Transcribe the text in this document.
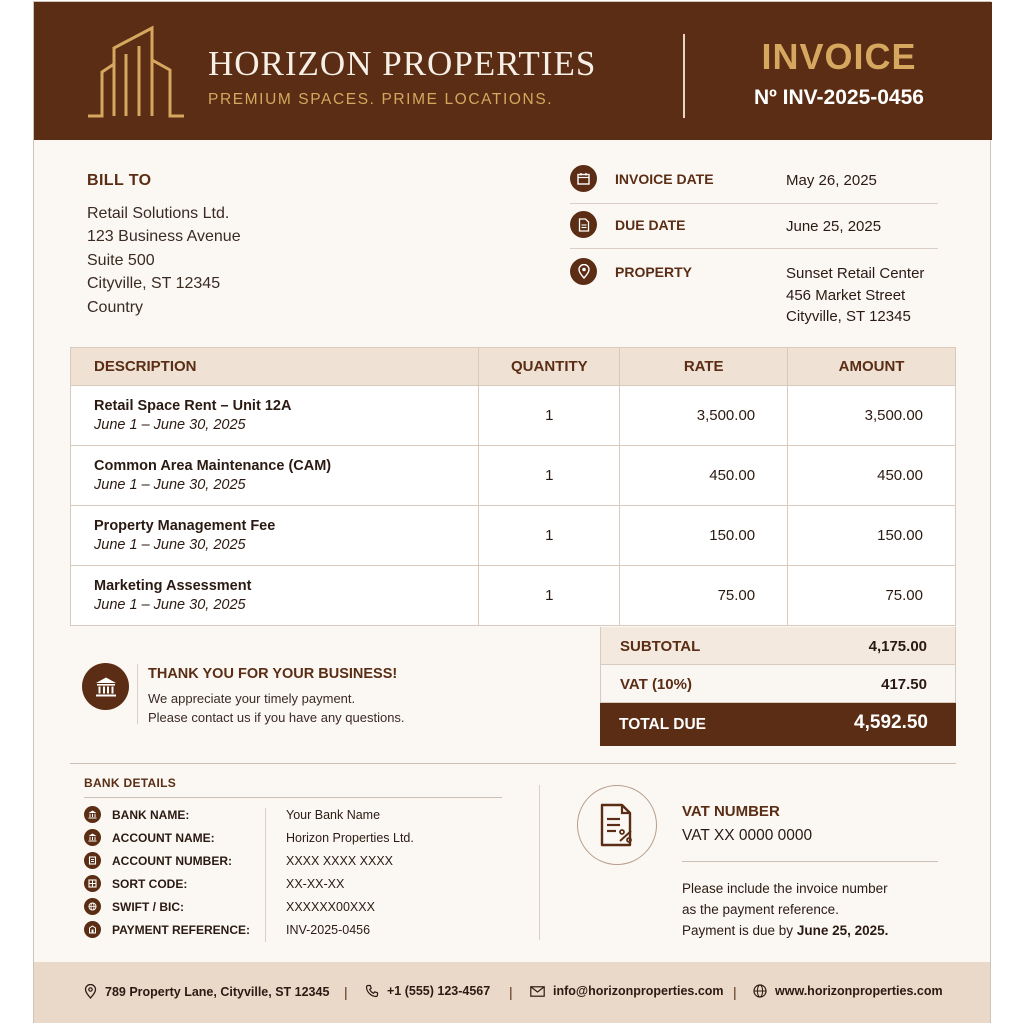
HORIZON PROPERTIES
PREMIUM SPACES. PRIME LOCATIONS.
INVOICE
Nº INV-2025-0456
BILL TO
Retail Solutions Ltd.
123 Business Avenue
Suite 500
Cityville, ST 12345
Country
INVOICE DATE	May 26, 2025
DUE DATE	June 25, 2025
PROPERTY	Sunset Retail Center
456 Market Street
Cityville, ST 12345
DESCRIPTION	QUANTITY	RATE	AMOUNT

Retail Space Rent – Unit 12A
June 1 – June 30, 2025	1	3,500.00	3,500.00

Common Area Maintenance (CAM)
June 1 – June 30, 2025	1	450.00	450.00

Property Management Fee
June 1 – June 30, 2025	1	150.00	150.00

Marketing Assessment
June 1 – June 30, 2025	1	75.00	75.00
SUBTOTAL	4,175.00
VAT (10%)	417.50
TOTAL DUE	4,592.50
THANK YOU FOR YOUR BUSINESS!
We appreciate your timely payment.
Please contact us if you have any questions.
BANK DETAILS
BANK NAME:	Your Bank Name
ACCOUNT NAME:	Horizon Properties Ltd.
ACCOUNT NUMBER:	XXXX XXXX XXXX
SORT CODE:	XX-XX-XX
SWIFT / BIC:	XXXXXX00XXX
PAYMENT REFERENCE:	INV-2025-0456
VAT NUMBER
VAT XX 0000 0000
Please include the invoice number
as the payment reference.
Payment is due by June 25, 2025.
789 Property Lane, Cityville, ST 12345 |	+1 (555) 123-4567 |	info@horizonproperties.com |	www.horizonproperties.com
